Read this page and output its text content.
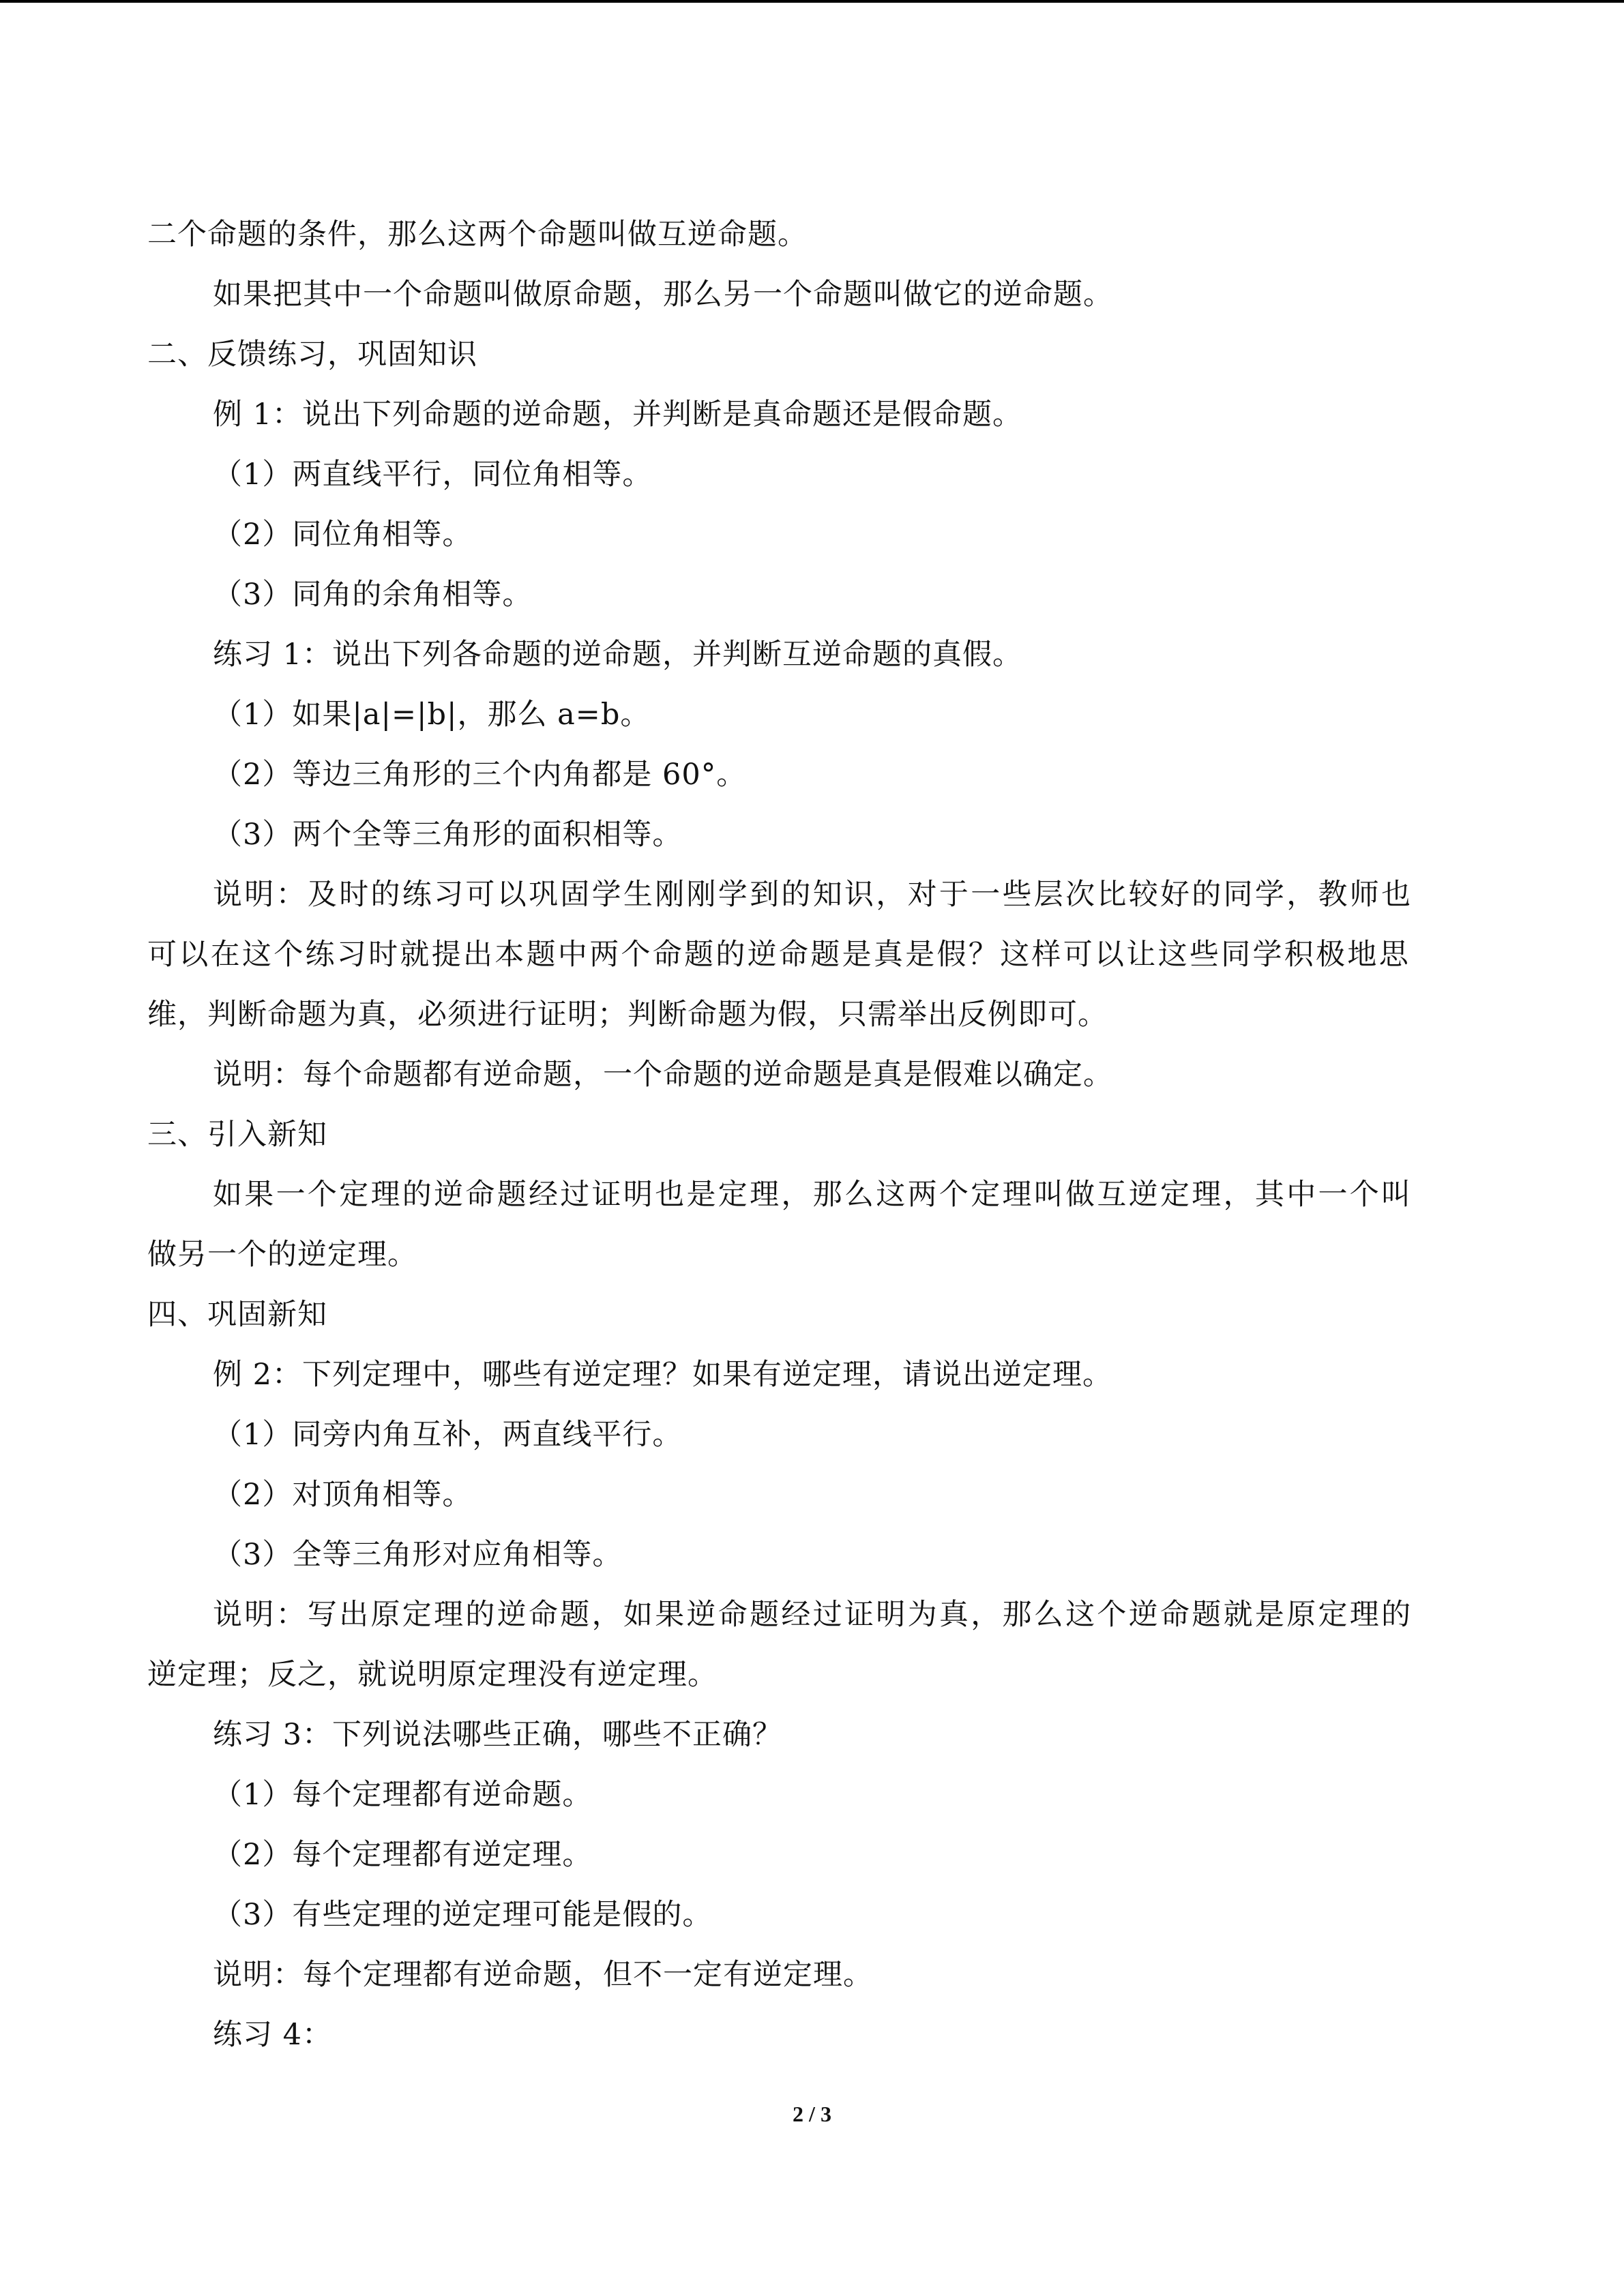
二个命题的条件，那么这两个命题叫做互逆命题。
如果把其中一个命题叫做原命题，那么另一个命题叫做它的逆命题。
二、反馈练习，巩固知识
例 1：说出下列命题的逆命题，并判断是真命题还是假命题。
（1）两直线平行，同位角相等。
（2）同位角相等。
（3）同角的余角相等。
练习 1：说出下列各命题的逆命题，并判断互逆命题的真假。
（1）如果|a|=|b|，那么 a=b。
（2）等边三角形的三个内角都是 60°。
（3）两个全等三角形的面积相等。
说明：及时的练习可以巩固学生刚刚学到的知识，对于一些层次比较好的同学，教师也
可以在这个练习时就提出本题中两个命题的逆命题是真是假？这样可以让这些同学积极地思
维，判断命题为真，必须进行证明；判断命题为假，只需举出反例即可。
说明：每个命题都有逆命题，一个命题的逆命题是真是假难以确定。
三、引入新知
如果一个定理的逆命题经过证明也是定理，那么这两个定理叫做互逆定理，其中一个叫
做另一个的逆定理。
四、巩固新知
例 2：下列定理中，哪些有逆定理？如果有逆定理，请说出逆定理。
（1）同旁内角互补，两直线平行。
（2）对顶角相等。
（3）全等三角形对应角相等。
说明：写出原定理的逆命题，如果逆命题经过证明为真，那么这个逆命题就是原定理的
逆定理；反之，就说明原定理没有逆定理。
练习 3：下列说法哪些正确，哪些不正确？
（1）每个定理都有逆命题。
（2）每个定理都有逆定理。
（3）有些定理的逆定理可能是假的。
说明：每个定理都有逆命题，但不一定有逆定理。
练习 4：
2 / 3
